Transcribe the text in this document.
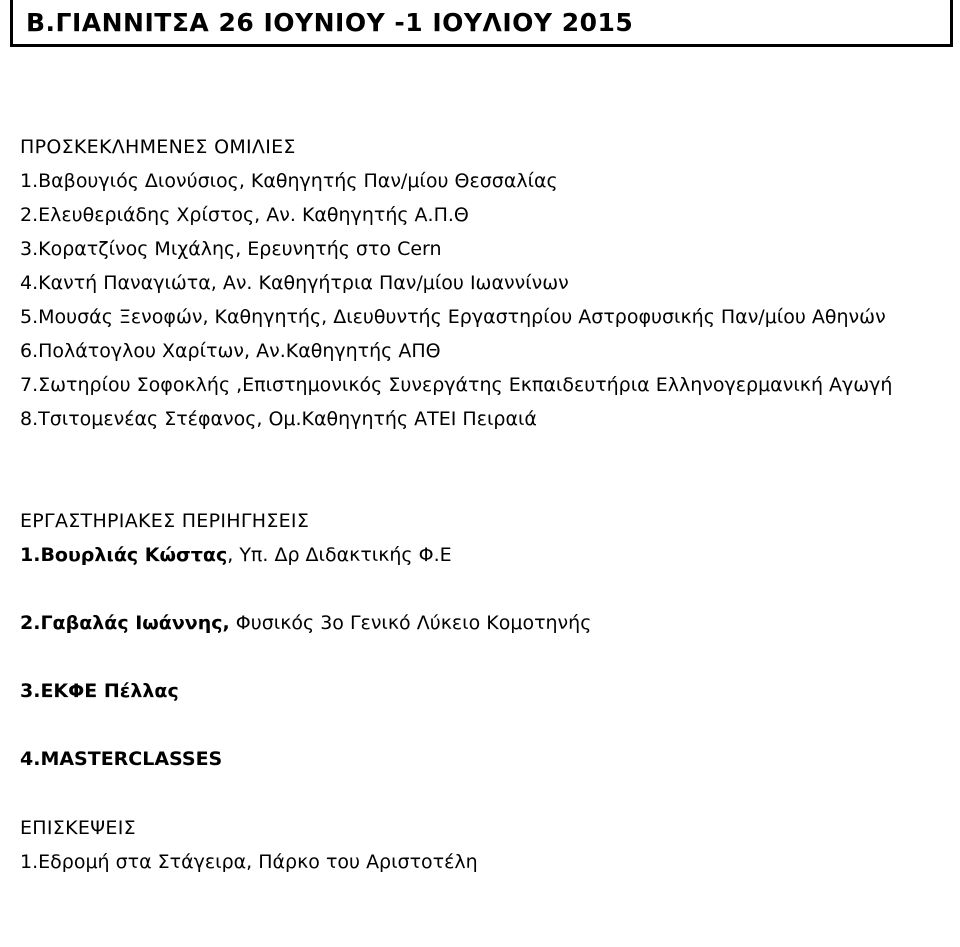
Β.ΓΙΑΝΝΙΤΣΑ 26 ΙΟΥΝΙΟΥ -1 ΙΟΥΛΙΟΥ 2015
ΠΡΟΣΚΕΚΛΗΜΕΝΕΣ ΟΜΙΛΙΕΣ

1.Βαβουγιός Διονύσιος, Καθηγητής Παν/μίου Θεσσαλίας

2.Ελευθεριάδης Χρίστος, Αν. Καθηγητής Α.Π.Θ

3.Κορατζίνος Μιχάλης, Ερευνητής στο Cern

4.Καντή Παναγιώτα, Αν. Καθηγήτρια Παν/μίου Ιωαννίνων

5.Μουσάς Ξενοφών, Καθηγητής, Διευθυντής Εργαστηρίου Αστροφυσικής Παν/μίου Αθηνών

6.Πολάτογλου Χαρίτων, Αν.Καθηγητής ΑΠΘ

7.Σωτηρίου Σοφοκλής ,Επιστημονικός Συνεργάτης Εκπαιδευτήρια Ελληνογερμανική Αγωγή

8.Τσιτομενέας Στέφανος, Ομ.Καθηγητής ΑΤΕΙ Πειραιά

ΕΡΓΑΣΤΗΡΙΑΚΕΣ ΠΕΡΙΗΓΗΣΕΙΣ

1.Βουρλιάς Κώστας, Υπ. Δρ Διδακτικής Φ.Ε

2.Γαβαλάς Ιωάννης, Φυσικός 3ο Γενικό Λύκειο Κομοτηνής

3.ΕΚΦΕ Πέλλας

4.MASTERCLASSES

ΕΠΙΣΚΕΨΕΙΣ

1.Εδρομή στα Στάγειρα, Πάρκο του Αριστοτέλη
